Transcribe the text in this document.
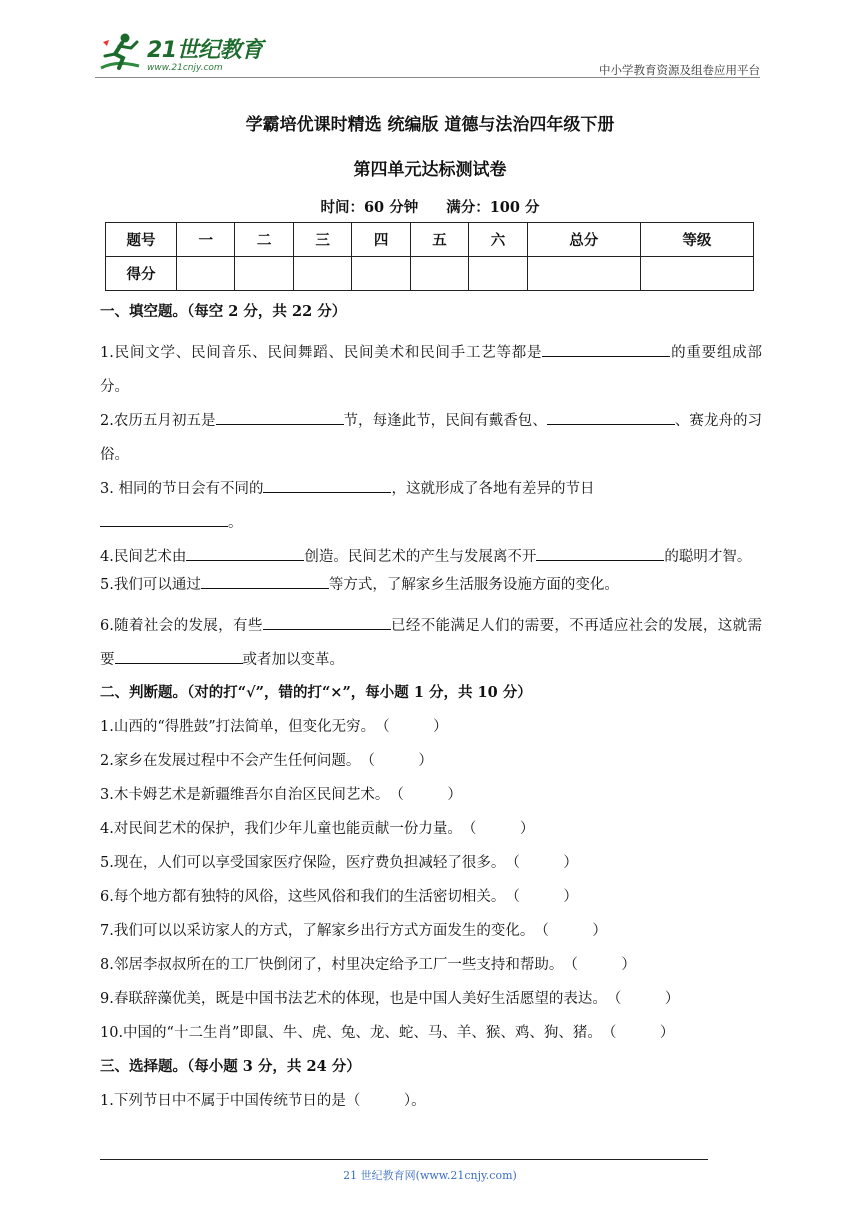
21世纪教育
www.21cnjy.com	中小学教育资源及组卷应用平台
学霸培优课时精选 统编版 道德与法治四年级下册
第四单元达标测试卷
时间：60 分钟 满分：100 分
题号	一	二	三	四	五	六	总分	等级
得分								

一、填空题。（每空 2 分，共 22 分）

1.民间文学、民间音乐、民间舞蹈、民间美术和民间手工艺等都是	的重要组成部分。

2.农历五月初五是	节，每逢此节，民间有戴香包、	、赛龙舟的习俗。

3. 相同的节日会有不同的	，这就形成了各地有差异的节日
。

4.民间艺术由	创造。民间艺术的产生与发展离不开	的聪明才智。

5.我们可以通过	等方式，了解家乡生活服务设施方面的变化。

6.随着社会的发展，有些	已经不能满足人们的需要，不再适应社会的发展，这就需要	或者加以变革。

二、判断题。（对的打“√”，错的打“×”，每小题 1 分，共 10 分）

1.山西的“得胜鼓”打法简单，但变化无穷。（　　　）

2.家乡在发展过程中不会产生任何问题。（　　　）

3.木卡姆艺术是新疆维吾尔自治区民间艺术。（　　　）

4.对民间艺术的保护，我们少年儿童也能贡献一份力量。（　　　）

5.现在，人们可以享受国家医疗保险，医疗费负担减轻了很多。（　　　）

6.每个地方都有独特的风俗，这些风俗和我们的生活密切相关。（　　　）

7.我们可以以采访家人的方式，了解家乡出行方式方面发生的变化。（　　　）

8.邻居李叔叔所在的工厂快倒闭了，村里决定给予工厂一些支持和帮助。（　　　）

9.春联辞藻优美，既是中国书法艺术的体现，也是中国人美好生活愿望的表达。（　　　）

10.中国的“十二生肖”即鼠、牛、虎、兔、龙、蛇、马、羊、猴、鸡、狗、猪。（　　　）

三、选择题。（每小题 3 分，共 24 分）

1.下列节日中不属于中国传统节日的是（　　　）。

21 世纪教育网(www.21cnjy.com)
